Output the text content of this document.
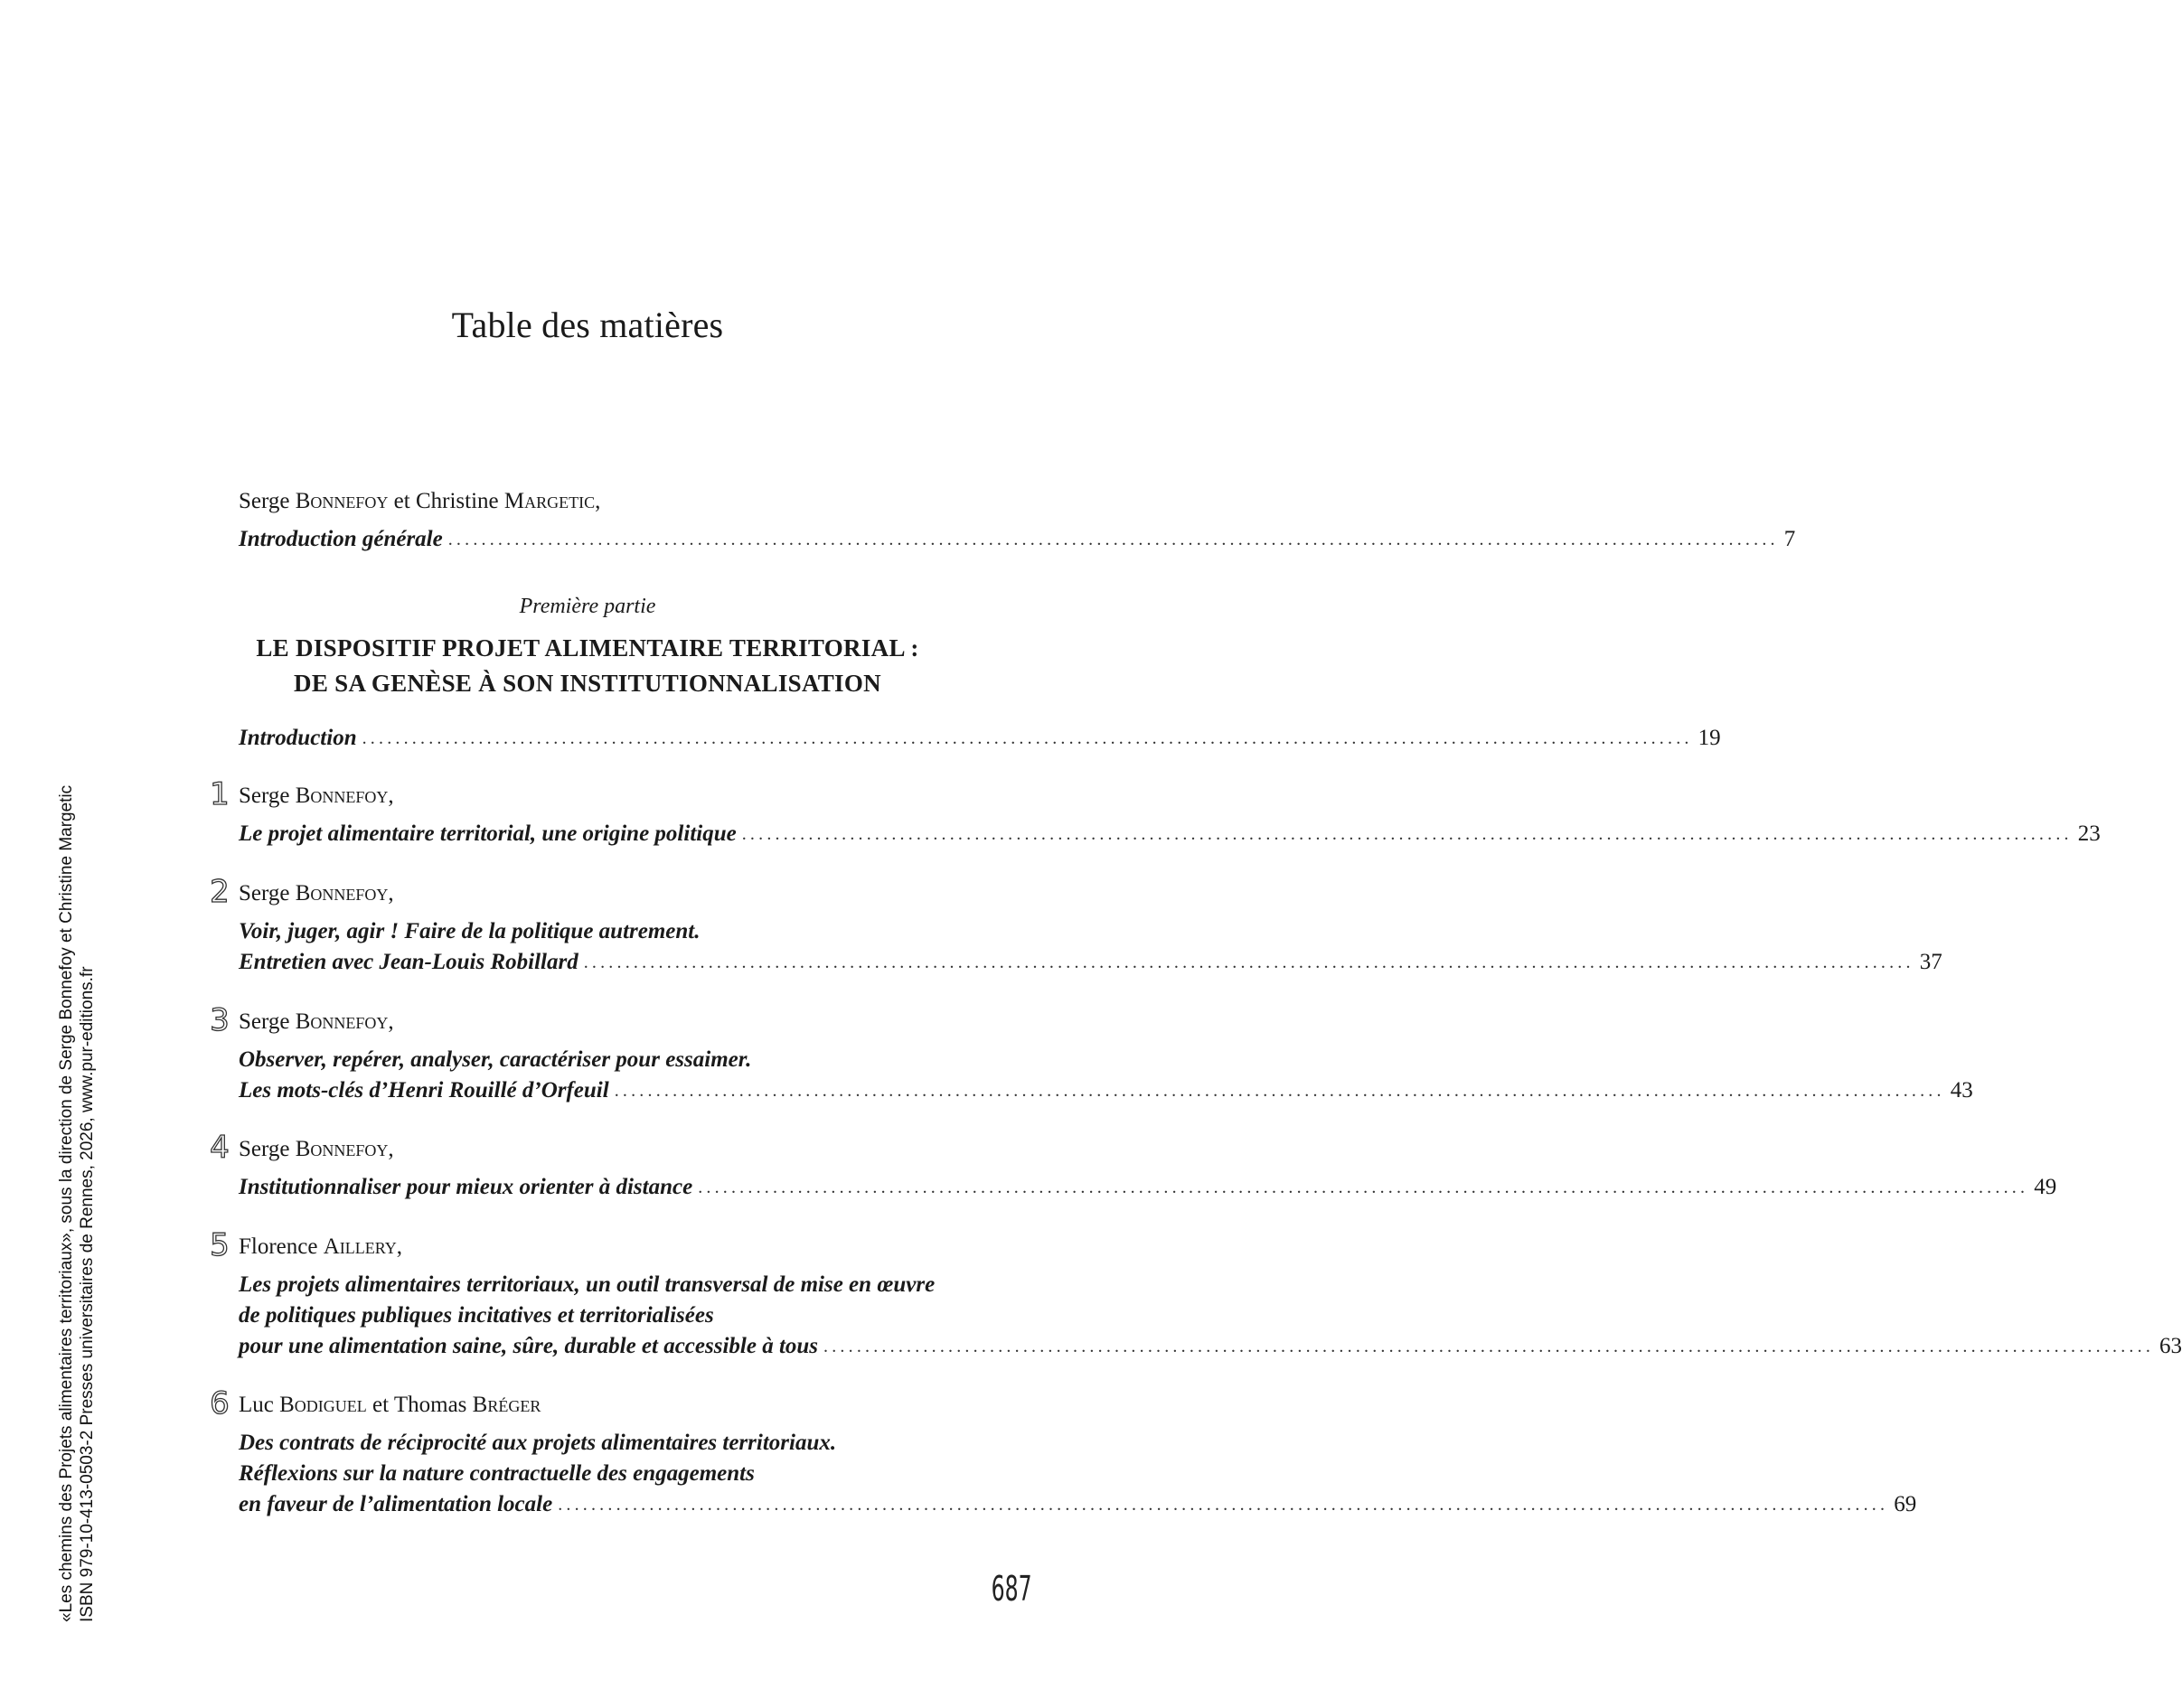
Table des matières
Serge Bonnefoy et Christine Margetic,
Introduction générale ................................................................................................................................................................ 7
Première partie
LE DISPOSITIF PROJET ALIMENTAIRE TERRITORIAL :
DE SA GENÈSE À SON INSTITUTIONNALISATION
Introduction ................................................................................................................................................................ 19
1 Serge Bonnefoy,
Le projet alimentaire territorial, une origine politique ................................................................................................................................................................ 23
2 Serge Bonnefoy,
Voir, juger, agir ! Faire de la politique autrement.
Entretien avec Jean-Louis Robillard ................................................................................................................................................................ 37
3 Serge Bonnefoy,
Observer, repérer, analyser, caractériser pour essaimer.
Les mots-clés d’Henri Rouillé d’Orfeuil ................................................................................................................................................................ 43
4 Serge Bonnefoy,
Institutionnaliser pour mieux orienter à distance ................................................................................................................................................................ 49
5 Florence Aillery,
Les projets alimentaires territoriaux, un outil transversal de mise en œuvre
de politiques publiques incitatives et territorialisées
pour une alimentation saine, sûre, durable et accessible à tous ................................................................................................................................................................ 63
6 Luc Bodiguel et Thomas Bréger
Des contrats de réciprocité aux projets alimentaires territoriaux.
Réflexions sur la nature contractuelle des engagements
en faveur de l’alimentation locale ................................................................................................................................................................ 69
687
«Les chemins des Projets alimentaires territoriaux», sous la direction de Serge Bonnefoy et Christine Margetic ISBN 979-10-413-0503-2 Presses universitaires de Rennes, 2026, www.pur-editions.fr
